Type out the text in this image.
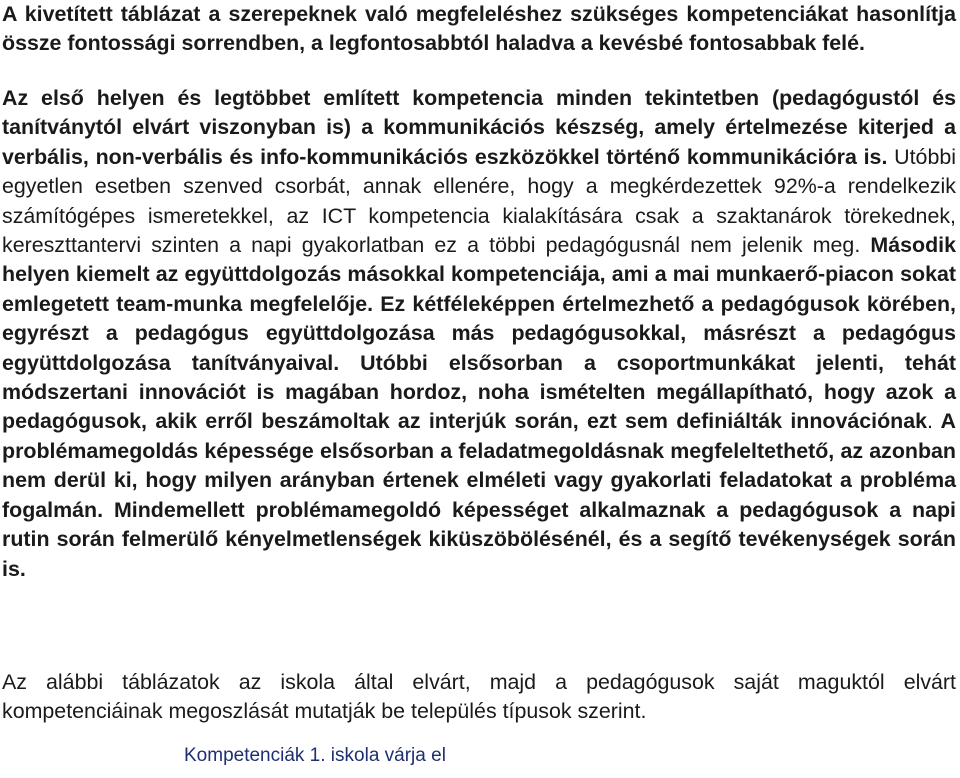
A kivetített táblázat a szerepeknek való megfeleléshez szükséges kompetenciákat hasonlítja össze fontossági sorrendben, a legfontosabbtól haladva a kevésbé fontosabbak felé.

Az első helyen és legtöbbet említett kompetencia minden tekintetben (pedagógustól és tanítványtól elvárt viszonyban is) a kommunikációs készség, amely értelmezése kiterjed a verbális, non-verbális és info-kommunikációs eszközökkel történő kommunikációra is. Utóbbi egyetlen esetben szenved csorbát, annak ellenére, hogy a megkérdezettek 92%-a rendelkezik számítógépes ismeretekkel, az ICT kompetencia kialakítására csak a szaktanárok törekednek, kereszttantervi szinten a napi gyakorlatban ez a többi pedagógusnál nem jelenik meg. Második helyen kiemelt az együttdolgozás másokkal kompetenciája, ami a mai munkaerő-piacon sokat emlegetett team-munka megfelelője. Ez kétféleképpen értelmezhető a pedagógusok körében, egyrészt a pedagógus együttdolgozása más pedagógusokkal, másrészt a pedagógus együttdolgozása tanítványaival. Utóbbi elsősorban a csoportmunkákat jelenti, tehát módszertani innovációt is magában hordoz, noha ismételten megállapítható, hogy azok a pedagógusok, akik erről beszámoltak az interjúk során, ezt sem definiálták innovációnak. A problémamegoldás képessége elsősorban a feladatmegoldásnak megfeleltethető, az azonban nem derül ki, hogy milyen arányban értenek elméleti vagy gyakorlati feladatokat a probléma fogalmán. Mindemellett problémamegoldó képességet alkalmaznak a pedagógusok a napi rutin során felmerülő kényelmetlenségek kiküszöbölésénél, és a segítő tevékenységek során is.

Az alábbi táblázatok az iskola által elvárt, majd a pedagógusok saját maguktól elvárt kompetenciáinak megoszlását mutatják be település típusok szerint.

Kompetenciák 1. iskola várja el
